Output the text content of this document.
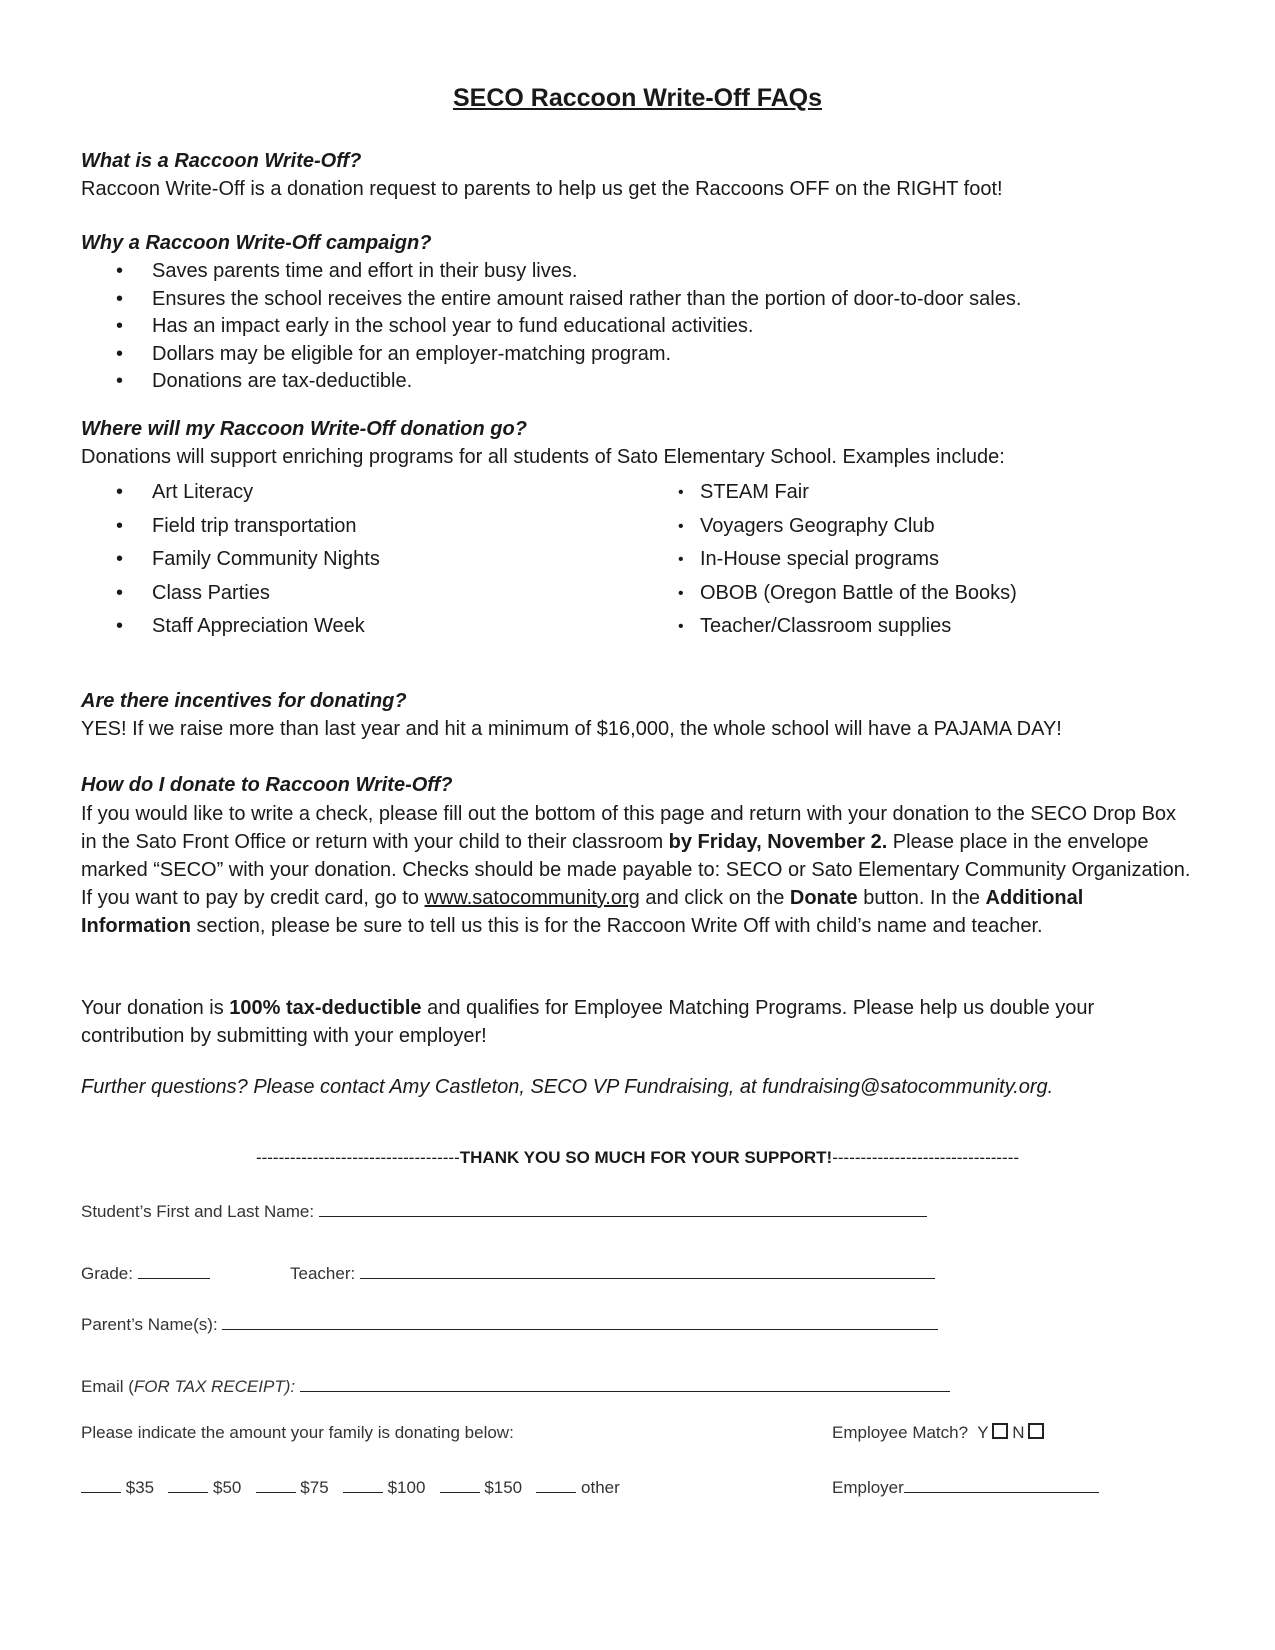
SECO Raccoon Write-Off FAQs
What is a Raccoon Write-Off?
Raccoon Write-Off is a donation request to parents to help us get the Raccoons OFF on the RIGHT foot!
Why a Raccoon Write-Off campaign?
• Saves parents time and effort in their busy lives.
• Ensures the school receives the entire amount raised rather than the portion of door-to-door sales.
• Has an impact early in the school year to fund educational activities.
• Dollars may be eligible for an employer-matching program.
• Donations are tax-deductible.
Where will my Raccoon Write-Off donation go?
Donations will support enriching programs for all students of Sato Elementary School. Examples include:
• Art Literacy
• Field trip transportation
• Family Community Nights
• Class Parties
• Staff Appreciation Week
• STEAM Fair
• Voyagers Geography Club
• In-House special programs
• OBOB (Oregon Battle of the Books)
• Teacher/Classroom supplies
Are there incentives for donating?
YES! If we raise more than last year and hit a minimum of $16,000, the whole school will have a PAJAMA DAY!
How do I donate to Raccoon Write-Off?
If you would like to write a check, please fill out the bottom of this page and return with your donation to the SECO Drop Box in the Sato Front Office or return with your child to their classroom by Friday, November 2. Please place in the envelope marked “SECO” with your donation. Checks should be made payable to: SECO or Sato Elementary Community Organization. If you want to pay by credit card, go to www.satocommunity.org and click on the Donate button. In the Additional Information section, please be sure to tell us this is for the Raccoon Write Off with child’s name and teacher.
Your donation is 100% tax-deductible and qualifies for Employee Matching Programs. Please help us double your contribution by submitting with your employer!
Further questions? Please contact Amy Castleton, SECO VP Fundraising, at fundraising@satocommunity.org.
------------------------------------THANK YOU SO MUCH FOR YOUR SUPPORT!---------------------------------
Student’s First and Last Name:
Grade:	Teacher:
Parent’s Name(s):
Email (FOR TAX RECEIPT):
Please indicate the amount your family is donating below:	Employee Match? Y N
$35	$50	$75	$100	$150	other	Employer
